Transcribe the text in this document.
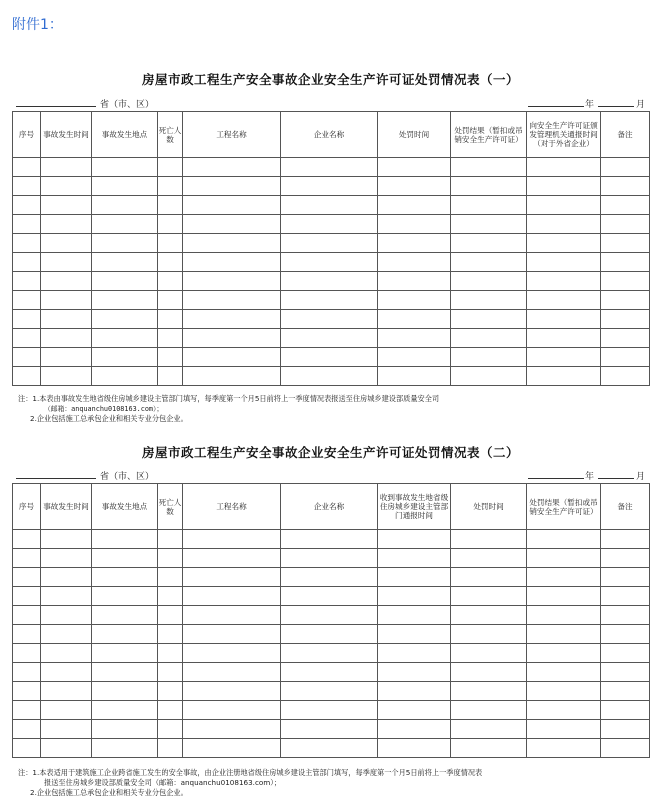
附件1：
房屋市政工程生产安全事故企业安全生产许可证处罚情况表（一）
省（市、区）	年	月
序号	事故发生时间	事故发生地点	死亡人数	工程名称	企业名称	处罚时间	处罚结果（暂扣或吊销安全生产许可证）	向安全生产许可证颁发管理机关通报时间（对于外省企业）	备注

注：1.本表由事故发生地省级住房城乡建设主管部门填写，每季度第一个月5日前将上一季度情况表报送至住房城乡建设部质量安全司
（邮箱：anquanchu0108163.com）；
2.企业包括施工总承包企业和相关专业分包企业。
房屋市政工程生产安全事故企业安全生产许可证处罚情况表（二）
省（市、区）	年	月
序号	事故发生时间	事故发生地点	死亡人数	工程名称	企业名称	收到事故发生地省级住房城乡建设主管部门通报时间	处罚时间	处罚结果（暂扣或吊销安全生产许可证）	备注

注：1.本表适用于建筑施工企业跨省施工发生的安全事故，由企业注册地省级住房城乡建设主管部门填写，每季度第一个月5日前将上一季度情况表
报送至住房城乡建设部质量安全司（邮箱：anquanchu0108163.com）；
2.企业包括施工总承包企业和相关专业分包企业。
